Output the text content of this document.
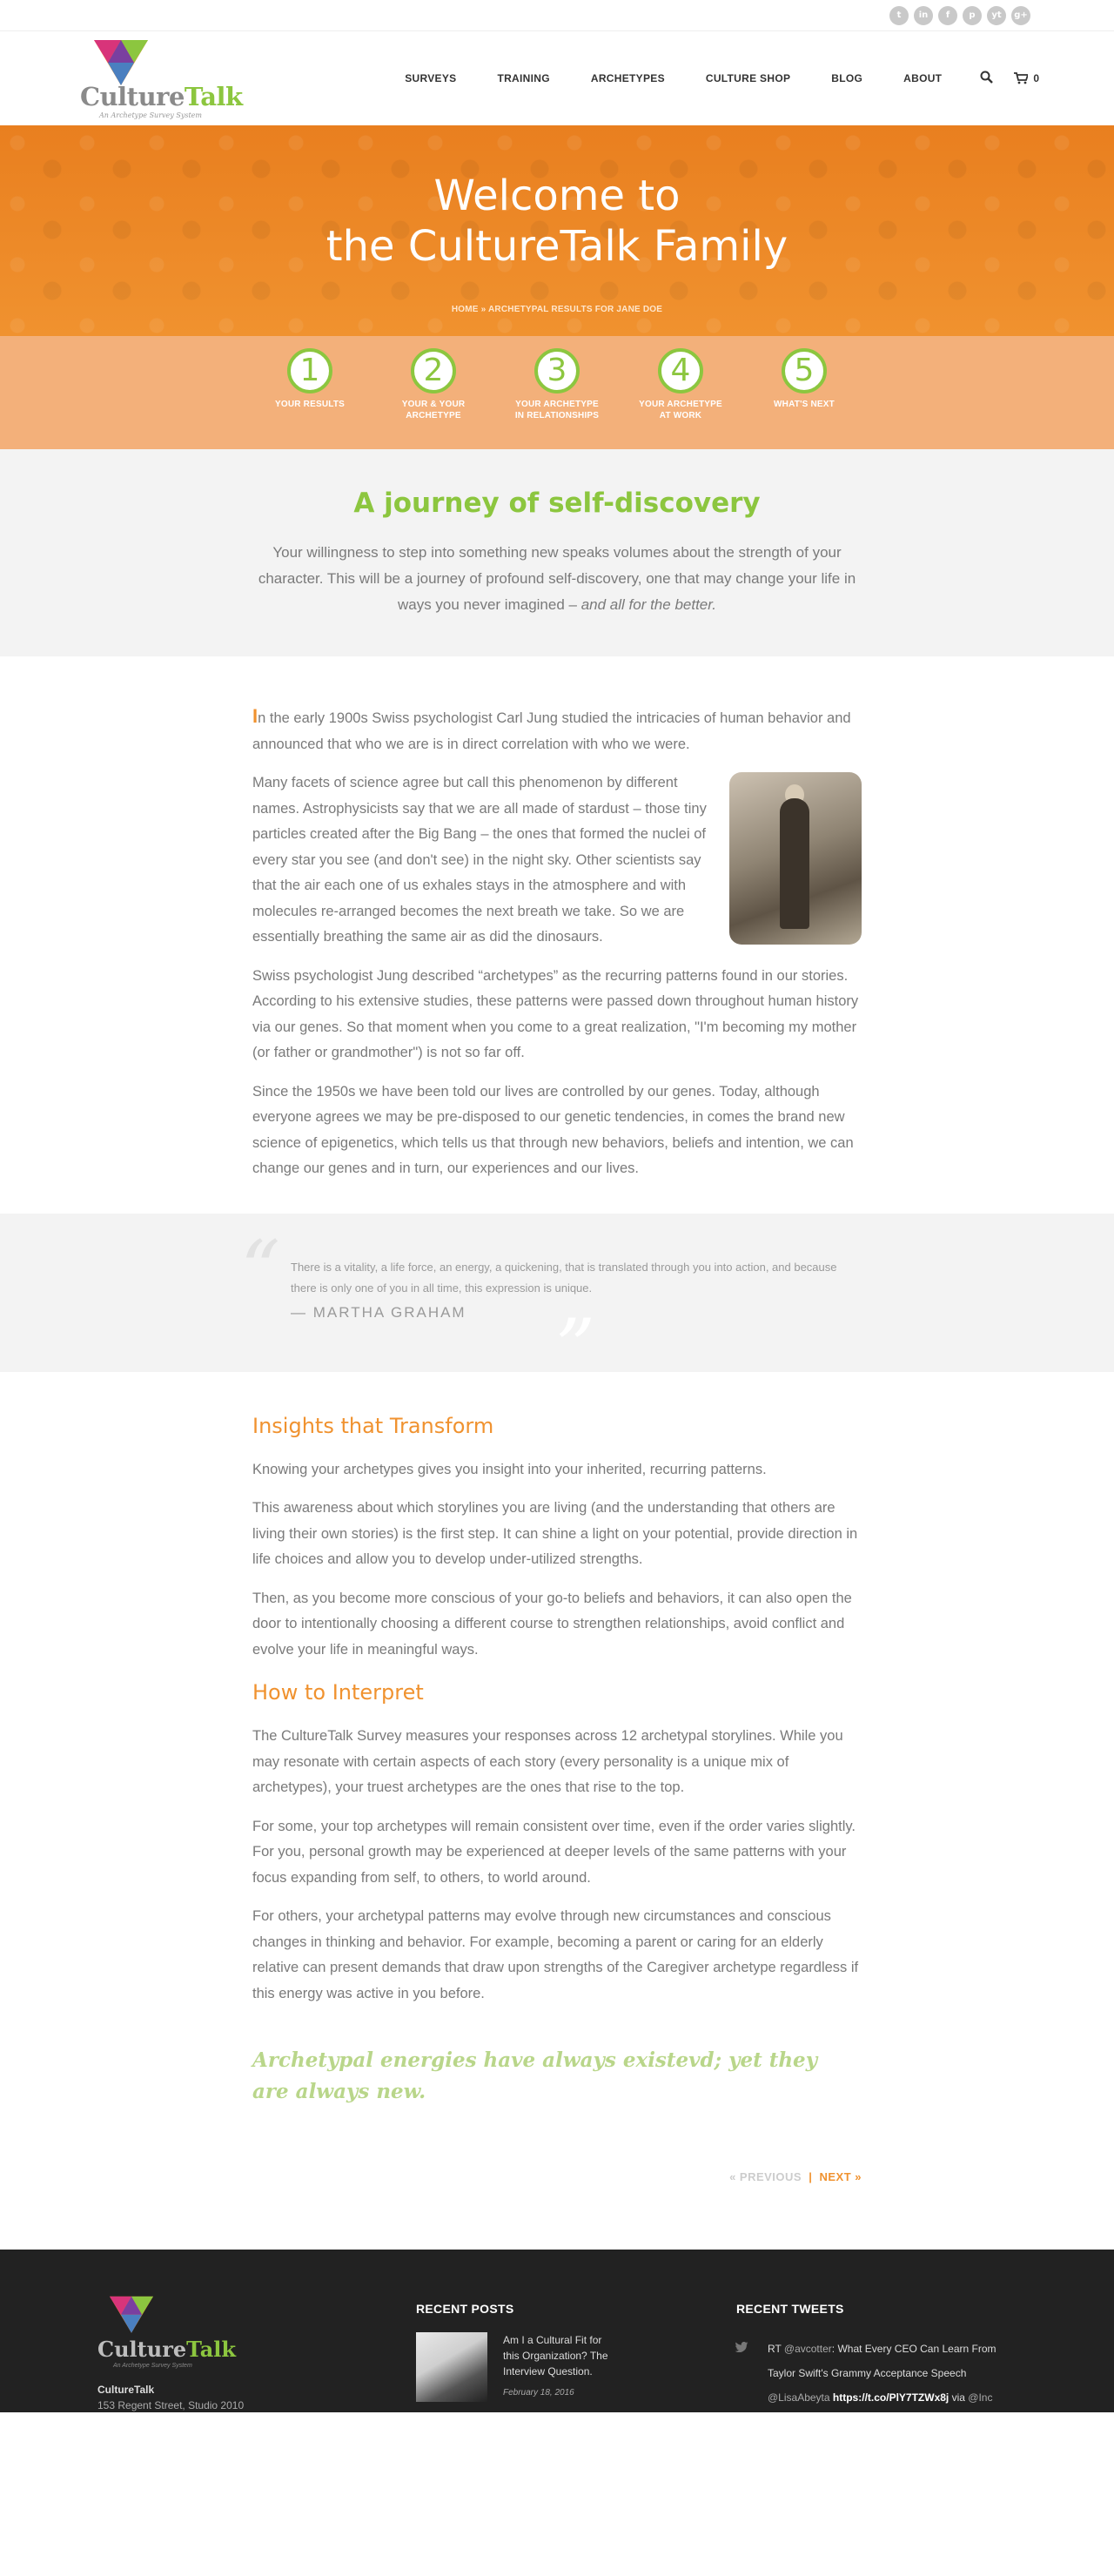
t	in	f	p	yt	g+
CultureTalk
An Archetype Survey System
SURVEYS	TRAINING	ARCHETYPES	CULTURE SHOP	BLOG	ABOUT	0
Welcome to
the CultureTalk Family
HOME » ARCHETYPAL RESULTS FOR JANE DOE
1
YOUR RESULTS
2
YOUR & YOUR
ARCHETYPE
3
YOUR ARCHETYPE
IN RELATIONSHIPS
4
YOUR ARCHETYPE
AT WORK
5
WHAT'S NEXT
A journey of self-discovery

Your willingness to step into something new speaks volumes about the strength of your character. This will be a journey of profound self-discovery, one that may change your life in ways you never imagined – and all for the better.

In the early 1900s Swiss psychologist Carl Jung studied the intricacies of human behavior and announced that who we are is in direct correlation with who we were.

Many facets of science agree but call this phenomenon by different names. Astrophysicists say that we are all made of stardust – those tiny particles created after the Big Bang – the ones that formed the nuclei of every star you see (and don't see) in the night sky. Other scientists say that the air each one of us exhales stays in the atmosphere and with molecules re-arranged becomes the next breath we take. So we are essentially breathing the same air as did the dinosaurs.

Swiss psychologist Jung described “archetypes” as the recurring patterns found in our stories. According to his extensive studies, these patterns were passed down throughout human history via our genes. So that moment when you come to a great realization, "I'm becoming my mother (or father or grandmother") is not so far off.

Since the 1950s we have been told our lives are controlled by our genes. Today, although everyone agrees we may be pre-disposed to our genetic tendencies, in comes the brand new science of epigenetics, which tells us that through new behaviors, beliefs and intention, we can change our genes and in turn, our experiences and our lives.

“ There is a vitality, a life force, an energy, a quickening, that is translated through you into action, and because there is only one of you in all time, this expression is unique.
— MARTHA GRAHAM	”
Insights that Transform

Knowing your archetypes gives you insight into your inherited, recurring patterns.

This awareness about which storylines you are living (and the understanding that others are living their own stories) is the first step. It can shine a light on your potential, provide direction in life choices and allow you to develop under-utilized strengths.

Then, as you become more conscious of your go-to beliefs and behaviors, it can also open the door to intentionally choosing a different course to strengthen relationships, avoid conflict and evolve your life in meaningful ways.

How to Interpret

The CultureTalk Survey measures your responses across 12 archetypal storylines. While you may resonate with certain aspects of each story (every personality is a unique mix of archetypes), your truest archetypes are the ones that rise to the top.

For some, your top archetypes will remain consistent over time, even if the order varies slightly. For you, personal growth may be experienced at deeper levels of the same patterns with your focus expanding from self, to others, to world around.

For others, your archetypal patterns may evolve through new circumstances and conscious changes in thinking and behavior. For example, becoming a parent or caring for an elderly relative can present demands that draw upon strengths of the Caregiver archetype regardless if this energy was active in you before.

Archetypal energies have always existevd; yet they are always new.
« PREVIOUS | NEXT »
CultureTalk
An Archetype Survey System
CultureTalk
153 Regent Street, Studio 2010
RECENT POSTS
Am I a Cultural Fit for this Organization? The Interview Question.
February 18, 2016
RECENT TWEETS
RT @avcotter: What Every CEO Can Learn From Taylor Swift's Grammy Acceptance Speech
@LisaAbeyta https://t.co/PlY7TZWx8j via @Inc
